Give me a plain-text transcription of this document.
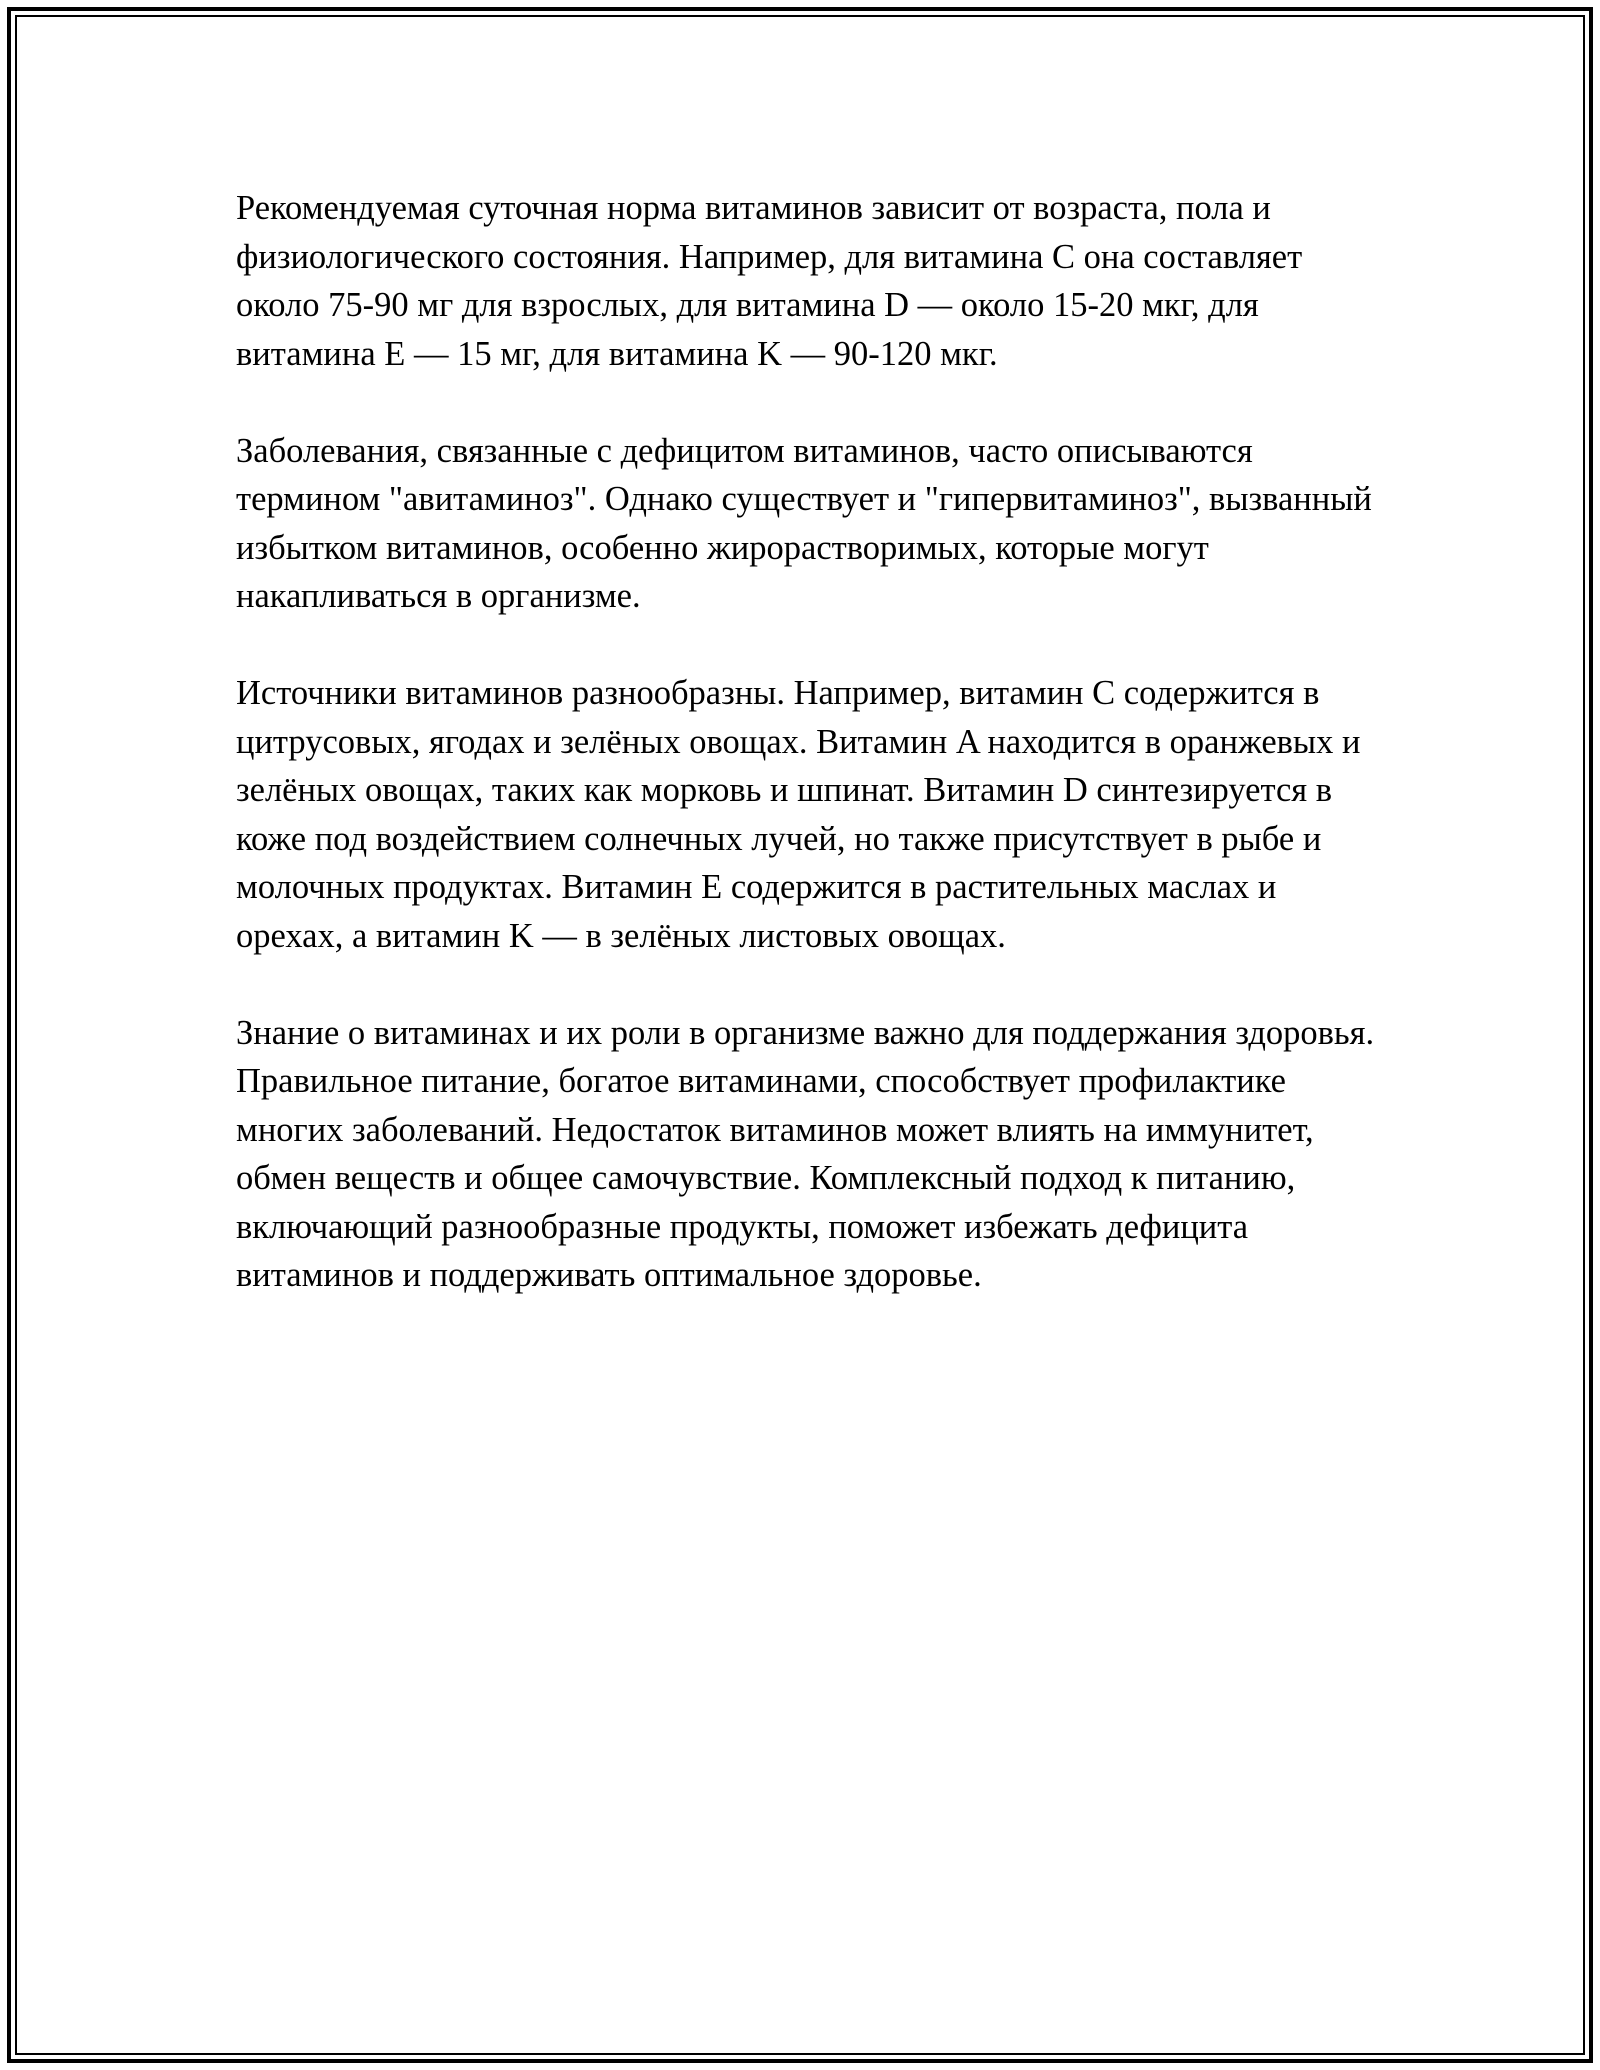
Рекомендуемая суточная норма витаминов зависит от возраста, пола и физиологического состояния. Например, для витамина C она составляет около 75-90 мг для взрослых, для витамина D — около 15-20 мкг, для витамина E — 15 мг, для витамина K — 90-120 мкг.

Заболевания, связанные с дефицитом витаминов, часто описываются термином "авитаминоз". Однако существует и "гипервитаминоз", вызванный избытком витаминов, особенно жирорастворимых, которые могут накапливаться в организме.

Источники витаминов разнообразны. Например, витамин C содержится в цитрусовых, ягодах и зелёных овощах. Витамин A находится в оранжевых и зелёных овощах, таких как морковь и шпинат. Витамин D синтезируется в коже под воздействием солнечных лучей, но также присутствует в рыбе и молочных продуктах. Витамин E содержится в растительных маслах и орехах, а витамин K — в зелёных листовых овощах.

Знание о витаминах и их роли в организме важно для поддержания здоровья. Правильное питание, богатое витаминами, способствует профилактике многих заболеваний. Недостаток витаминов может влиять на иммунитет, обмен веществ и общее самочувствие. Комплексный подход к питанию, включающий разнообразные продукты, поможет избежать дефицита витаминов и поддерживать оптимальное здоровье.
